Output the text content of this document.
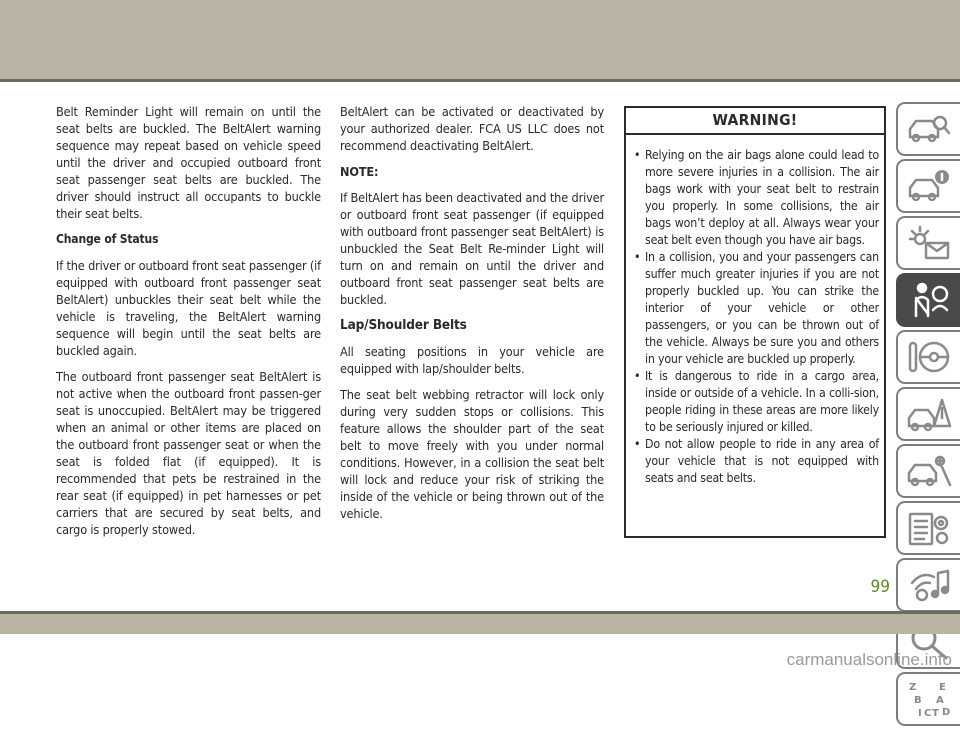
Belt Reminder Light will remain on until the seat belts are buckled. The BeltAlert warning sequence may repeat based on vehicle speed until the driver and occupied outboard front seat passenger seat belts are buckled. The driver should instruct all occupants to buckle their seat belts.

Change of Status

If the driver or outboard front seat passenger (if equipped with outboard front passenger seat BeltAlert) unbuckles their seat belt while the vehicle is traveling, the BeltAlert warning sequence will begin until the seat belts are buckled again.

The outboard front passenger seat BeltAlert is not active when the outboard front passen-ger seat is unoccupied. BeltAlert may be triggered when an animal or other items are placed on the outboard front passenger seat or when the seat is folded flat (if equipped). It is recommended that pets be restrained in the rear seat (if equipped) in pet harnesses or pet carriers that are secured by seat belts, and cargo is properly stowed.

BeltAlert can be activated or deactivated by your authorized dealer. FCA US LLC does not recommend deactivating BeltAlert.

NOTE:

If BeltAlert has been deactivated and the driver or outboard front seat passenger (if equipped with outboard front passenger seat BeltAlert) is unbuckled the Seat Belt Re-minder Light will turn on and remain on until the driver and outboard front seat passenger seat belts are buckled.

Lap/Shoulder Belts

All seating positions in your vehicle are equipped with lap/shoulder belts.

The seat belt webbing retractor will lock only during very sudden stops or collisions. This feature allows the shoulder part of the seat belt to move freely with you under normal conditions. However, in a collision the seat belt will lock and reduce your risk of striking the inside of the vehicle or being thrown out of the vehicle.

WARNING!
• Relying on the air bags alone could lead to more severe injuries in a collision. The air bags work with your seat belt to restrain you properly. In some collisions, the air bags won’t deploy at all. Always wear your seat belt even though you have air bags.
• In a collision, you and your passengers can suffer much greater injuries if you are not properly buckled up. You can strike the interior of your vehicle or other passengers, or you can be thrown out of the vehicle. Always be sure you and others in your vehicle are buckled up properly.
• It is dangerous to ride in a cargo area, inside or outside of a vehicle. In a colli-sion, people riding in these areas are more likely to be seriously injured or killed.
• Do not allow people to ride in any area of your vehicle that is not equipped with seats and seat belts.
Z E
B A
I C T D
99
carmanualsonline.info
